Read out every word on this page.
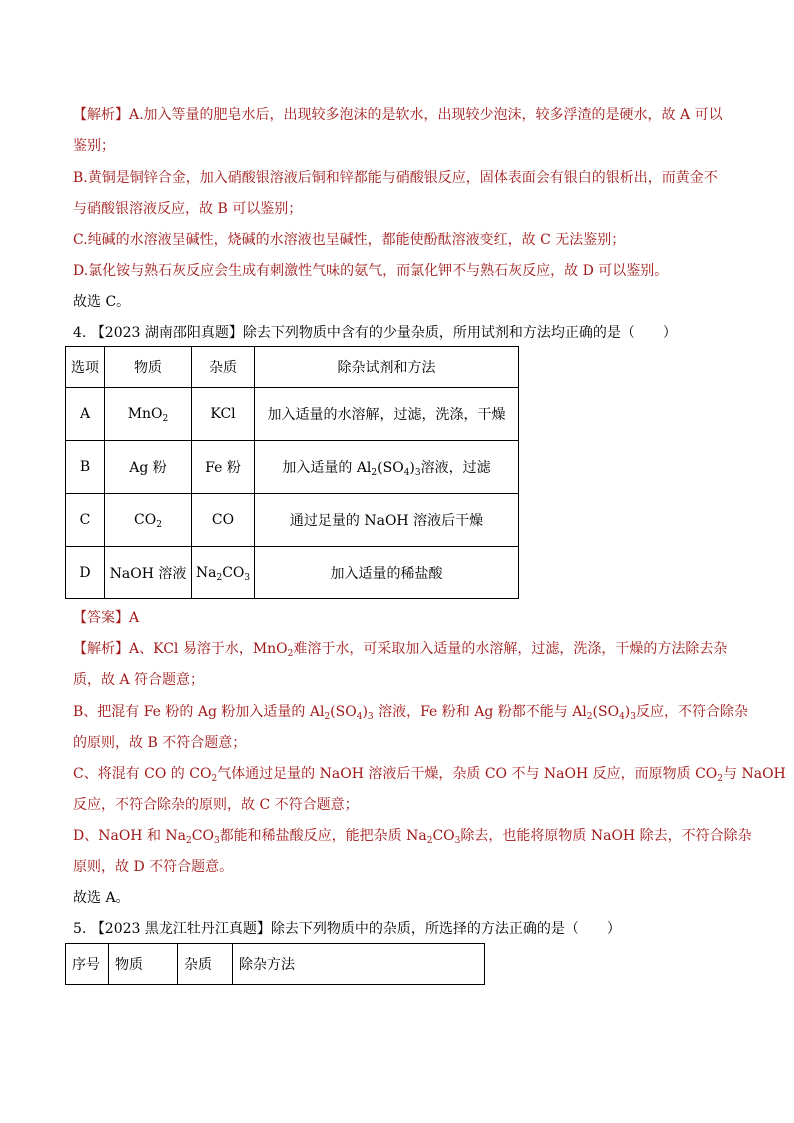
【解析】A.加入等量的肥皂水后，出现较多泡沫的是软水，出现较少泡沫，较多浮渣的是硬水，故 A 可以
鉴别；
B.黄铜是铜锌合金，加入硝酸银溶液后铜和锌都能与硝酸银反应，固体表面会有银白的银析出，而黄金不
与硝酸银溶液反应，故 B 可以鉴别；
C.纯碱的水溶液呈碱性，烧碱的水溶液也呈碱性，都能使酚酞溶液变红，故 C 无法鉴别；
D.氯化铵与熟石灰反应会生成有刺激性气味的氨气，而氯化钾不与熟石灰反应，故 D 可以鉴别。
故选 C。
4. 【2023 湖南邵阳真题】除去下列物质中含有的少量杂质，所用试剂和方法均正确的是（　　）
选项	物质	杂质	除杂试剂和方法
A	MnO$_2$	KCl	加入适量的水溶解，过滤，洗涤，干燥
B	Ag 粉	Fe 粉	加入适量的 $Al_2(SO_4)_3$溶液，过滤
C	$CO_2$	CO	通过足量的 NaOH 溶液后干燥
D	NaOH 溶液	$Na_2CO_3$	加入适量的稀盐酸
【答案】A
【解析】A、KCl 易溶于水，MnO$_2$难溶于水，可采取加入适量的水溶解，过滤，洗涤，干燥的方法除去杂
质，故 A 符合题意；
B、把混有 Fe 粉的 Ag 粉加入适量的 $Al_2(SO_4)_3$ 溶液，Fe 粉和 Ag 粉都不能与 $Al_2(SO_4)_3$反应，不符合除杂
的原则，故 B 不符合题意；
C、将混有 CO 的 $CO_2$气体通过足量的 NaOH 溶液后干燥，杂质 CO 不与 NaOH 反应，而原物质 $CO_2$与 NaOH
反应，不符合除杂的原则，故 C 不符合题意；
D、NaOH 和 $Na_2CO_3$都能和稀盐酸反应，能把杂质 $Na_2CO_3$除去，也能将原物质 NaOH 除去，不符合除杂
原则，故 D 不符合题意。
故选 A。
5. 【2023 黑龙江牡丹江真题】除去下列物质中的杂质，所选择的方法正确的是（　　）
序号	物质	杂质	除杂方法
